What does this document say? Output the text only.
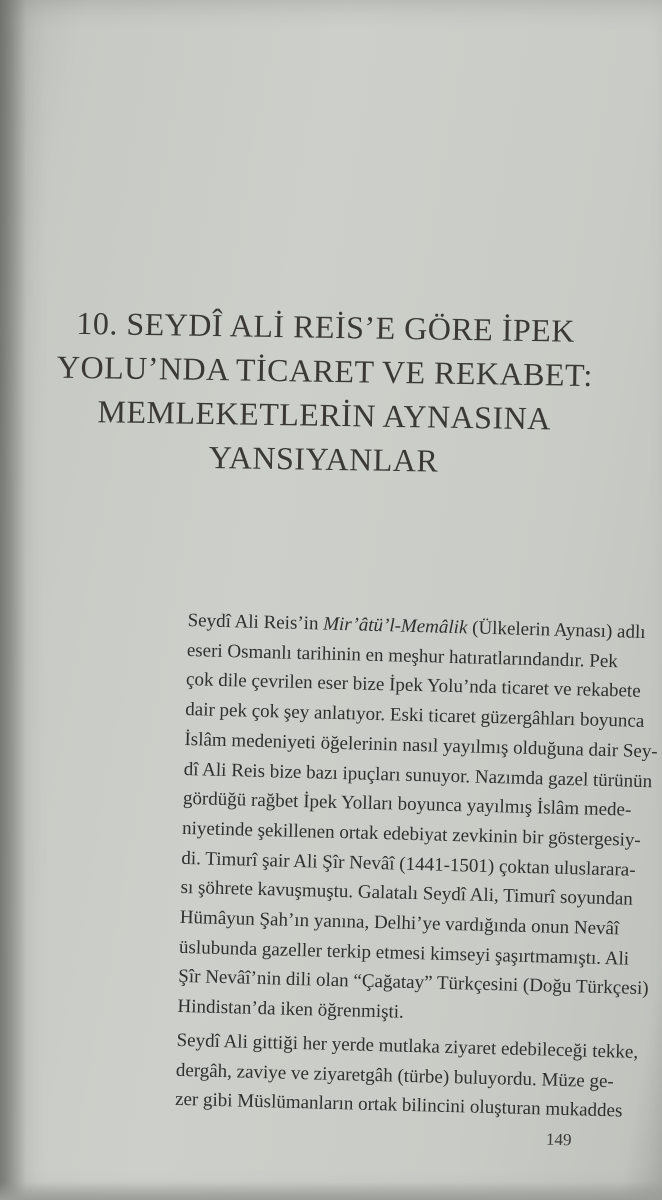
10. SEYDÎ ALİ REİS’E GÖRE İPEK
YOLU’NDA TİCARET VE REKABET:
MEMLEKETLERİN AYNASINA
YANSIYANLAR

Seydî Ali Reis’in Mir’âtü’l-Memâlik (Ülkelerin Aynası) adlı
eseri Osmanlı tarihinin en meşhur hatıratlarındandır. Pek
çok dile çevrilen eser bize İpek Yolu’nda ticaret ve rekabete
dair pek çok şey anlatıyor. Eski ticaret güzergâhları boyunca
İslâm medeniyeti öğelerinin nasıl yayılmış olduğuna dair Sey-
dî Ali Reis bize bazı ipuçları sunuyor. Nazımda gazel türünün
gördüğü rağbet İpek Yolları boyunca yayılmış İslâm mede-
niyetinde şekillenen ortak edebiyat zevkinin bir göstergesiy-
di. Timurî şair Ali Şîr Nevâî (1441-1501) çoktan uluslarara-
sı şöhrete kavuşmuştu. Galatalı Seydî Ali, Timurî soyundan
Hümâyun Şah’ın yanına, Delhi’ye vardığında onun Nevâî
üslubunda gazeller terkip etmesi kimseyi şaşırtmamıştı. Ali
Şîr Nevâî’nin dili olan “Çağatay” Türkçesini (Doğu Türkçesi)
Hindistan’da iken öğrenmişti.

Seydî Ali gittiği her yerde mutlaka ziyaret edebileceği tekke,
dergâh, zaviye ve ziyaretgâh (türbe) buluyordu. Müze ge-
zer gibi Müslümanların ortak bilincini oluşturan mukaddes

149
